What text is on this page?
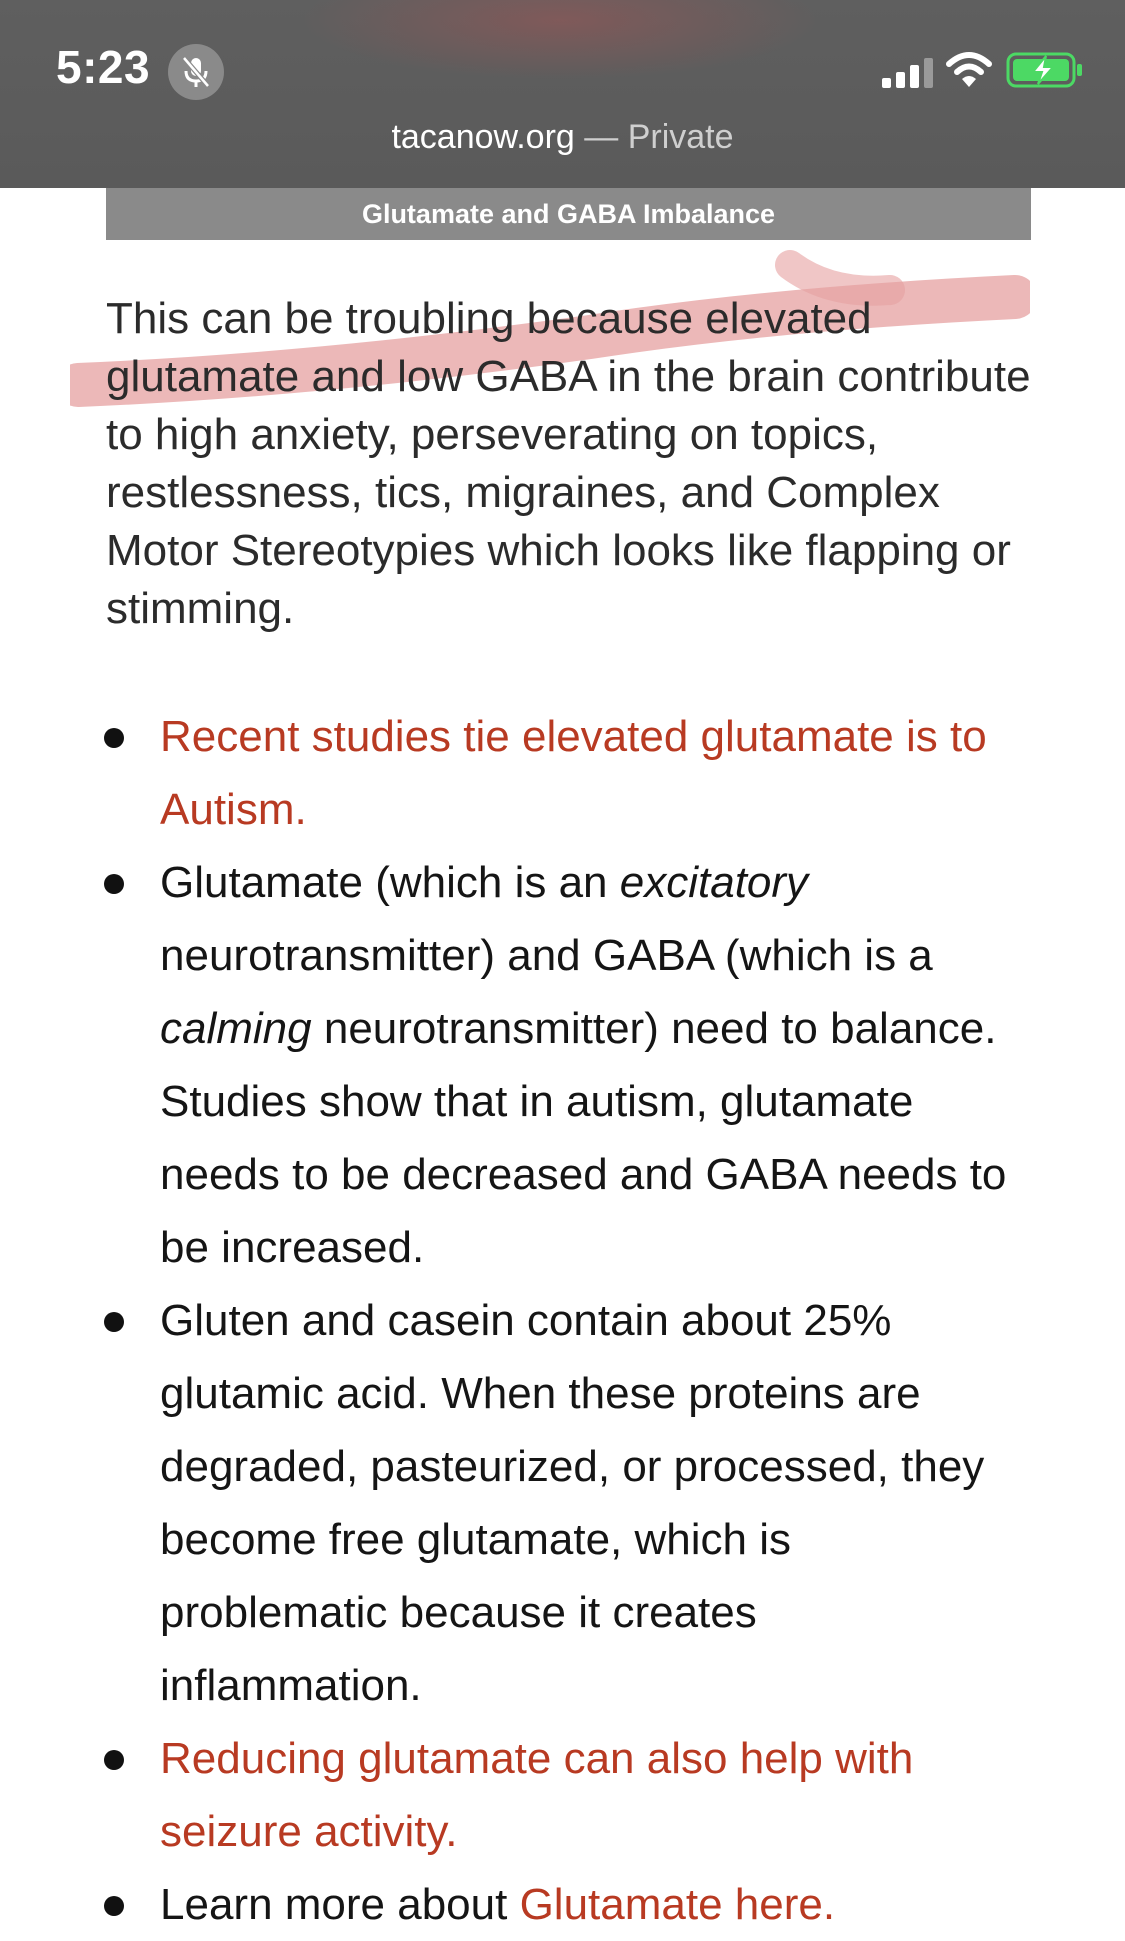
5:23
tacanow.org — Private
Glutamate and GABA Imbalance

This can be troubling because elevated glutamate and low GABA in the brain contribute to high anxiety, perseverating on topics, restlessness, tics, migraines, and Complex Motor Stereotypies which looks like flapping or stimming.

Recent studies tie elevated glutamate is to Autism.
Glutamate (which is an excitatory neurotransmitter) and GABA (which is a calming neurotransmitter) need to balance. Studies show that in autism, glutamate needs to be decreased and GABA needs to be increased.
Gluten and casein contain about 25% glutamic acid. When these proteins are degraded, pasteurized, or processed, they become free glutamate, which is problematic because it creates inflammation.
Reducing glutamate can also help with seizure activity.
Learn more about Glutamate here.
